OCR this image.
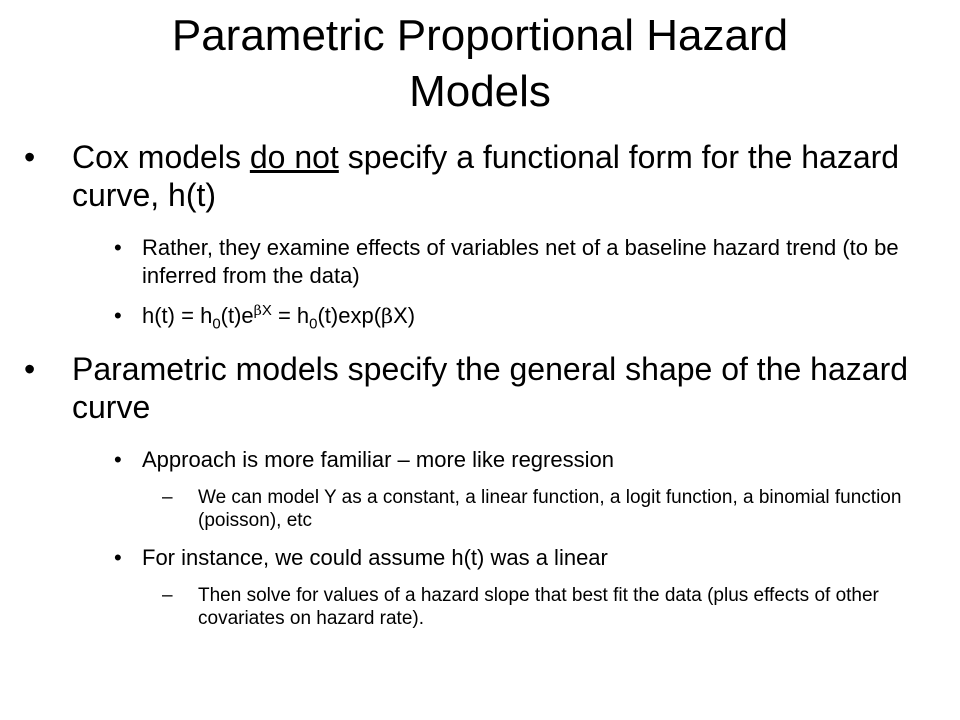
Parametric Proportional Hazard
Models
• Cox models do not specify a functional form for the hazard curve, h(t)
• Rather, they examine effects of variables net of a baseline hazard trend (to be inferred from the data)
• $h(t) = h_0(t)e^{\beta X} = h_0(t)\exp(\beta X)$
• Parametric models specify the general shape of the hazard curve
• Approach is more familiar – more like regression
– We can model Y as a constant, a linear function, a logit function, a binomial function (poisson), etc
• For instance, we could assume h(t) was a linear
– Then solve for values of a hazard slope that best fit the data (plus effects of other covariates on hazard rate).
